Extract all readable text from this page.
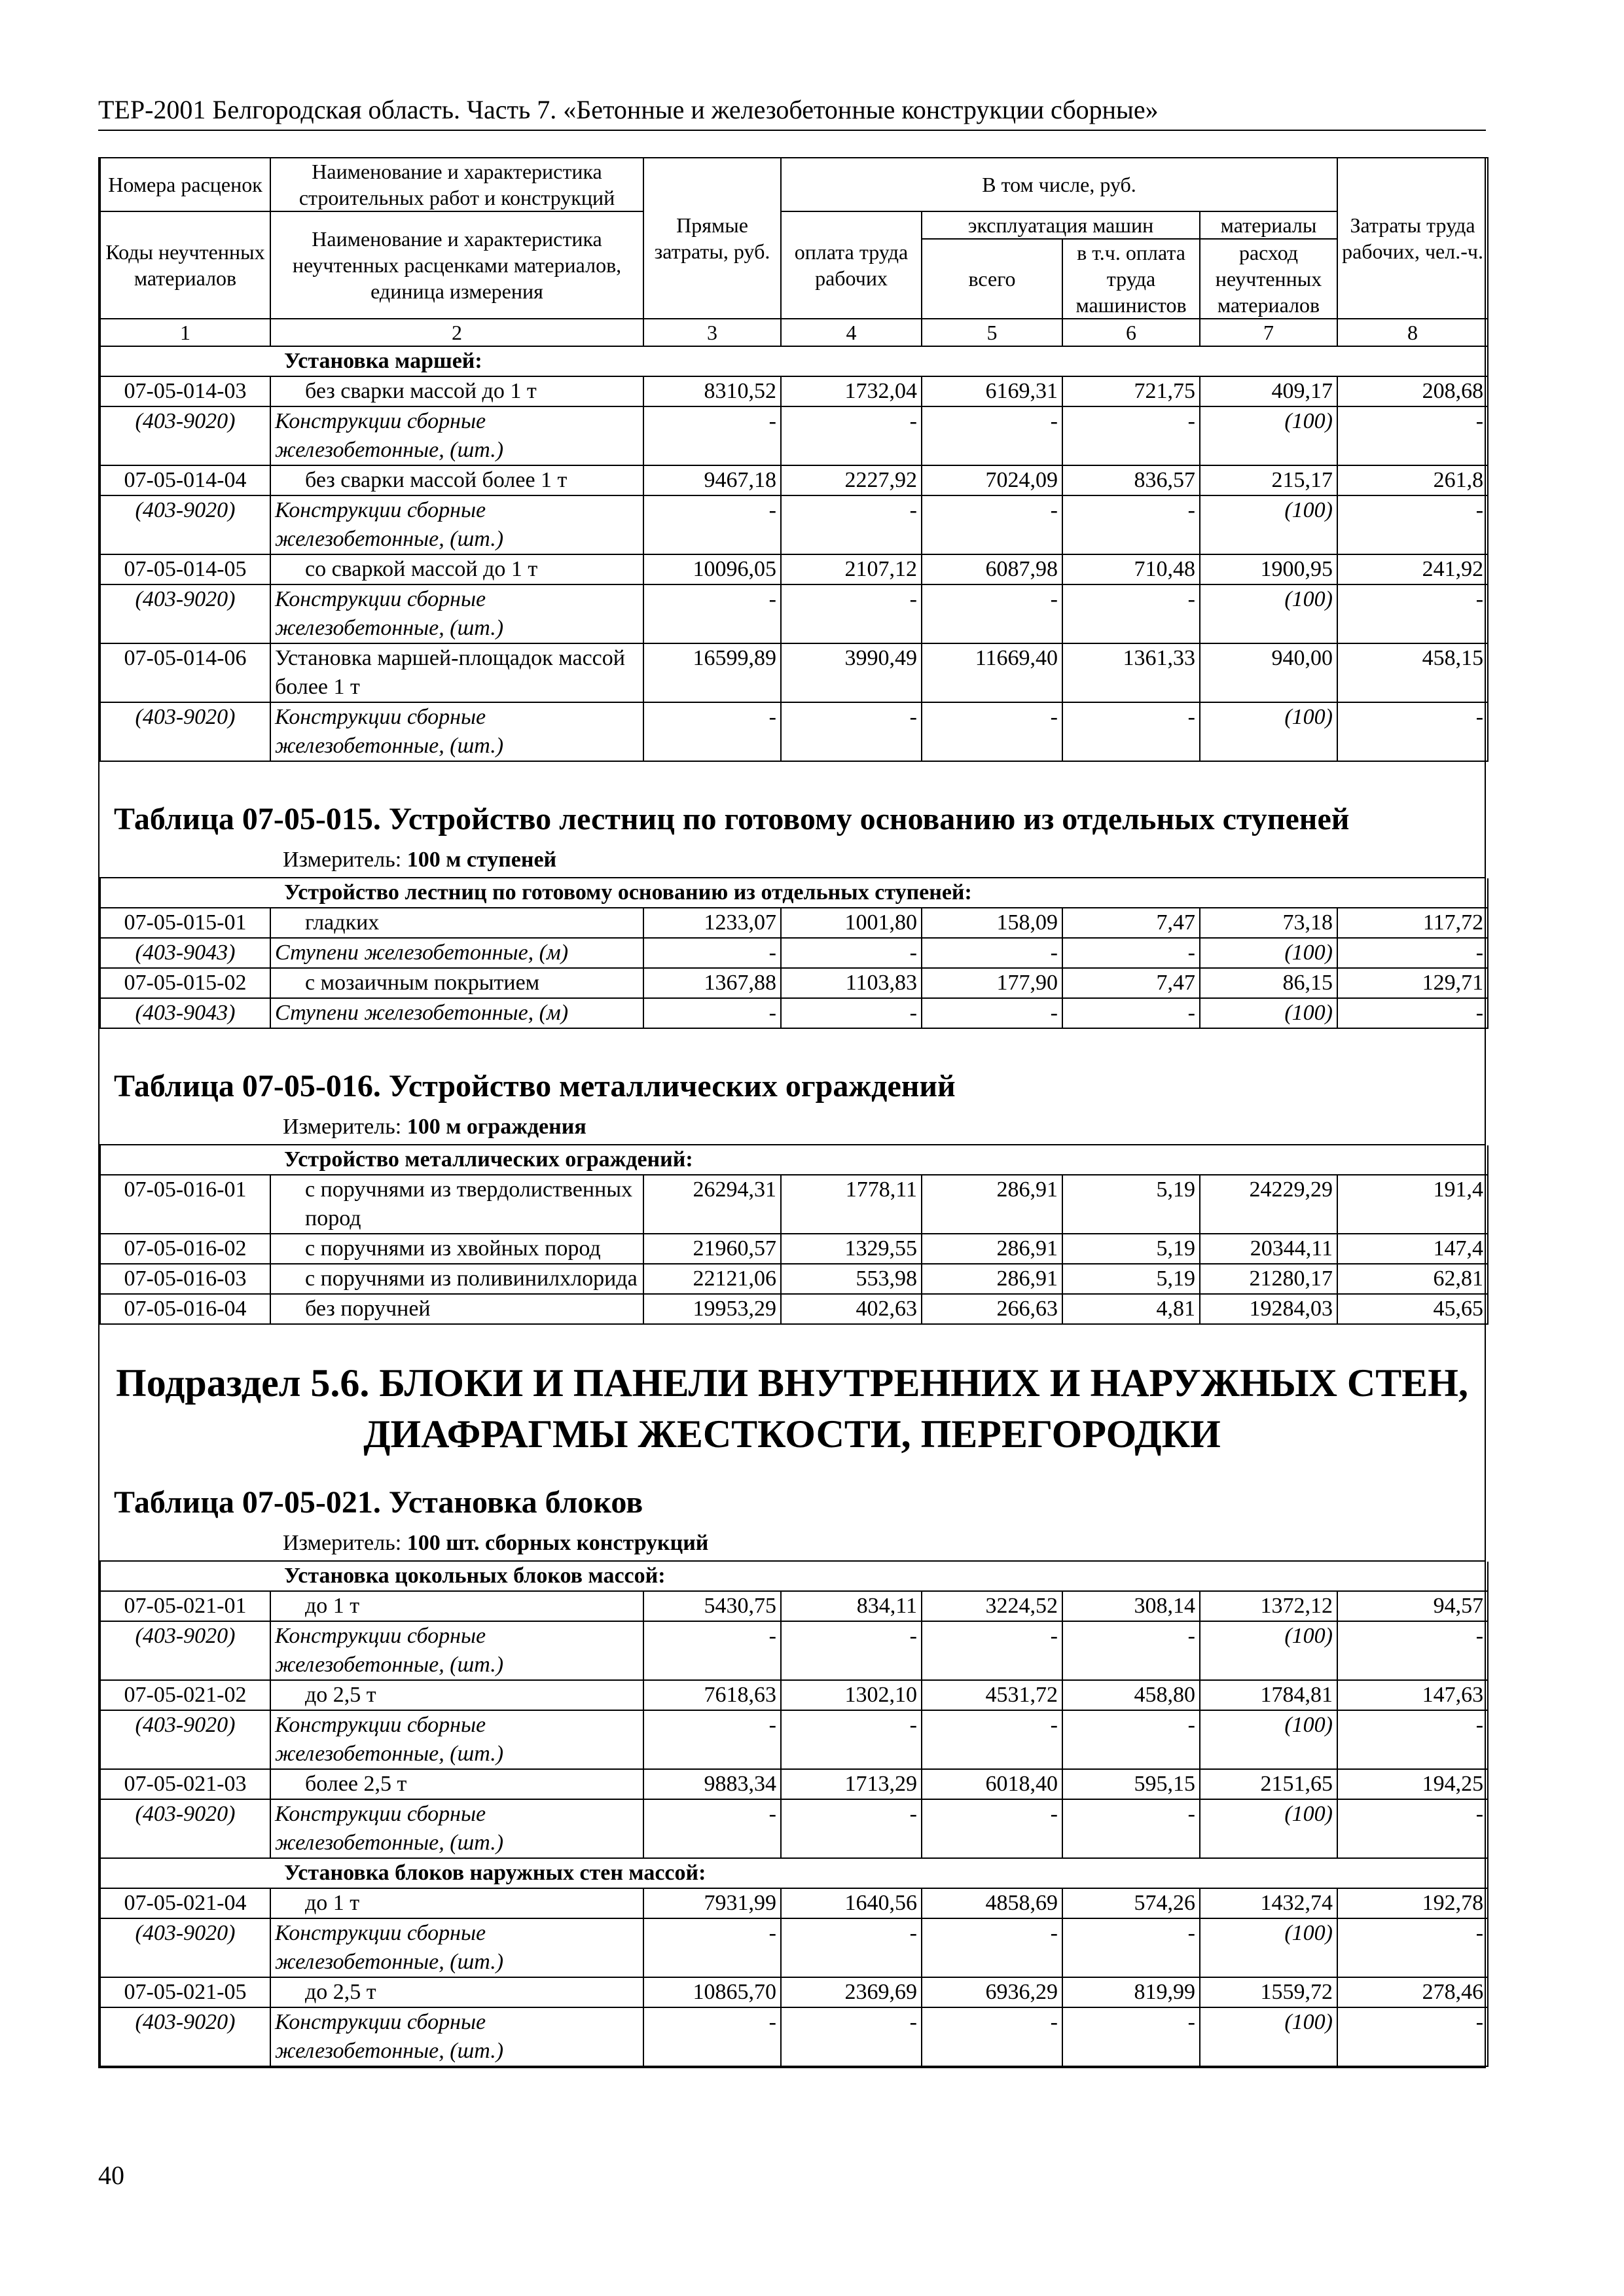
ТЕР-2001 Белгородская область. Часть 7. «Бетонные и железобетонные конструкции сборные»
Номера расценок	Наименование и характеристика строительных работ и конструкций	Прямые затраты, руб.	В том числе, руб.				Затраты труда рабочих, чел.-ч.
Коды неучтенных материалов	Наименование и характеристика неучтенных расценками материалов, единица измерения		оплата труда рабочих	эксплуатация машин		материалы	
				всего	в т.ч. оплата труда машинистов	расход неучтенных материалов	
1	2	3	4	5	6	7	8
Установка маршей:							
07-05-014-03	без сварки массой до 1 т	8310,52	1732,04	6169,31	721,75	409,17	208,68
(403-9020)	Конструкции сборные железобетонные, (шт.)	-	-	-	-	(100)	-
07-05-014-04	без сварки массой более 1 т	9467,18	2227,92	7024,09	836,57	215,17	261,8
(403-9020)	Конструкции сборные железобетонные, (шт.)	-	-	-	-	(100)	-
07-05-014-05	со сваркой массой до 1 т	10096,05	2107,12	6087,98	710,48	1900,95	241,92
(403-9020)	Конструкции сборные железобетонные, (шт.)	-	-	-	-	(100)	-
07-05-014-06	Установка маршей-площадок массой более 1 т	16599,89	3990,49	11669,40	1361,33	940,00	458,15
(403-9020)	Конструкции сборные железобетонные, (шт.)	-	-	-	-	(100)	-
Таблица 07-05-015. Устройство лестниц по готовому основанию из отдельных ступеней
Измеритель: 100 м ступеней
Устройство лестниц по готовому основанию из отдельных ступеней:							
07-05-015-01	гладких	1233,07	1001,80	158,09	7,47	73,18	117,72
(403-9043)	Ступени железобетонные, (м)	-	-	-	-	(100)	-
07-05-015-02	с мозаичным покрытием	1367,88	1103,83	177,90	7,47	86,15	129,71
(403-9043)	Ступени железобетонные, (м)	-	-	-	-	(100)	-
Таблица 07-05-016. Устройство металлических ограждений
Измеритель: 100 м ограждения
Устройство металлических ограждений:							
07-05-016-01	с поручнями из твердолиственных пород	26294,31	1778,11	286,91	5,19	24229,29	191,4
07-05-016-02	с поручнями из хвойных пород	21960,57	1329,55	286,91	5,19	20344,11	147,4
07-05-016-03	с поручнями из поливинилхлорида	22121,06	553,98	286,91	5,19	21280,17	62,81
07-05-016-04	без поручней	19953,29	402,63	266,63	4,81	19284,03	45,65
Подраздел 5.6. БЛОКИ И ПАНЕЛИ ВНУТРЕННИХ И НАРУЖНЫХ СТЕН,
ДИАФРАГМЫ ЖЕСТКОСТИ, ПЕРЕГОРОДКИ
Таблица 07-05-021. Установка блоков
Измеритель: 100 шт. сборных конструкций
Установка цокольных блоков массой:							
07-05-021-01	до 1 т	5430,75	834,11	3224,52	308,14	1372,12	94,57
(403-9020)	Конструкции сборные железобетонные, (шт.)	-	-	-	-	(100)	-
07-05-021-02	до 2,5 т	7618,63	1302,10	4531,72	458,80	1784,81	147,63
(403-9020)	Конструкции сборные железобетонные, (шт.)	-	-	-	-	(100)	-
07-05-021-03	более 2,5 т	9883,34	1713,29	6018,40	595,15	2151,65	194,25
(403-9020)	Конструкции сборные железобетонные, (шт.)	-	-	-	-	(100)	-
Установка блоков наружных стен массой:							
07-05-021-04	до 1 т	7931,99	1640,56	4858,69	574,26	1432,74	192,78
(403-9020)	Конструкции сборные железобетонные, (шт.)	-	-	-	-	(100)	-
07-05-021-05	до 2,5 т	10865,70	2369,69	6936,29	819,99	1559,72	278,46
(403-9020)	Конструкции сборные железобетонные, (шт.)	-	-	-	-	(100)	-
40
